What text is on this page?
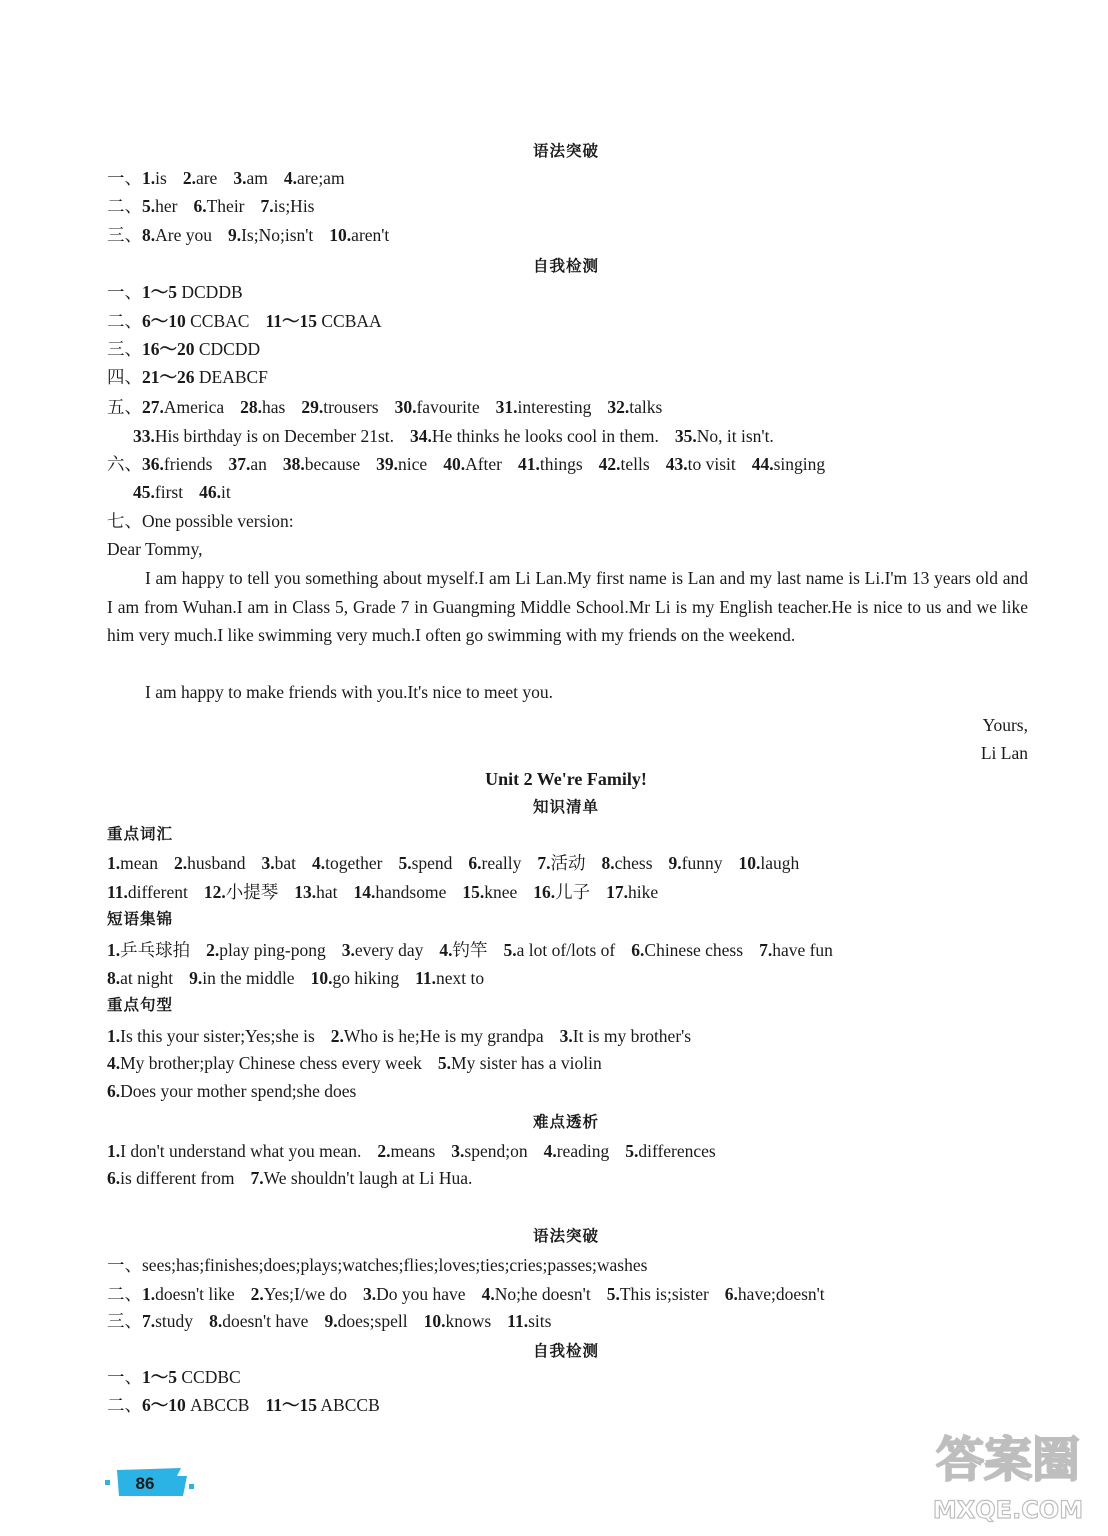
语法突破
一、1.is 2.are 3.am 4.are;am
二、5.her 6.Their 7.is;His
三、8.Are you 9.Is;No;isn't 10.aren't
自我检测
一、1～5 DCDDB
二、6～10 CCBAC 11～15 CCBAA
三、16～20 CDCDD
四、21～26 DEABCF
五、27.America 28.has 29.trousers 30.favourite 31.interesting 32.talks
33.His birthday is on December 21st. 34.He thinks he looks cool in them. 35.No, it isn't.
六、36.friends 37.an 38.because 39.nice 40.After 41.things 42.tells 43.to visit 44.singing
45.first 46.it
七、One possible version:
Dear Tommy,
I am happy to tell you something about myself.I am Li Lan.My first name is Lan and my last name is Li.I'm 13 years old and I am from Wuhan.I am in Class 5, Grade 7 in Guangming Middle School.Mr Li is my English teacher.He is nice to us and we like him very much.I like swimming very much.I often go swimming with my friends on the weekend.
I am happy to make friends with you.It's nice to meet you.
Yours,
Li Lan
Unit 2 We're Family!
知识清单
重点词汇
1.mean 2.husband 3.bat 4.together 5.spend 6.really 7.活动 8.chess 9.funny 10.laugh
11.different 12.小提琴 13.hat 14.handsome 15.knee 16.儿子 17.hike
短语集锦
1.乒乓球拍 2.play ping-pong 3.every day 4.钓竿 5.a lot of/lots of 6.Chinese chess 7.have fun
8.at night 9.in the middle 10.go hiking 11.next to
重点句型
1.Is this your sister;Yes;she is 2.Who is he;He is my grandpa 3.It is my brother's
4.My brother;play Chinese chess every week 5.My sister has a violin
6.Does your mother spend;she does
难点透析
1.I don't understand what you mean. 2.means 3.spend;on 4.reading 5.differences
6.is different from 7.We shouldn't laugh at Li Hua.
语法突破
一、sees;has;finishes;does;plays;watches;flies;loves;ties;cries;passes;washes
二、1.doesn't like 2.Yes;I/we do 3.Do you have 4.No;he doesn't 5.This is;sister 6.have;doesn't
三、7.study 8.doesn't have 9.does;spell 10.knows 11.sits
自我检测
一、1～5 CCDBC
二、6～10 ABCCB 11～15 ABCCB
86	答案圈
MXQE.COM
